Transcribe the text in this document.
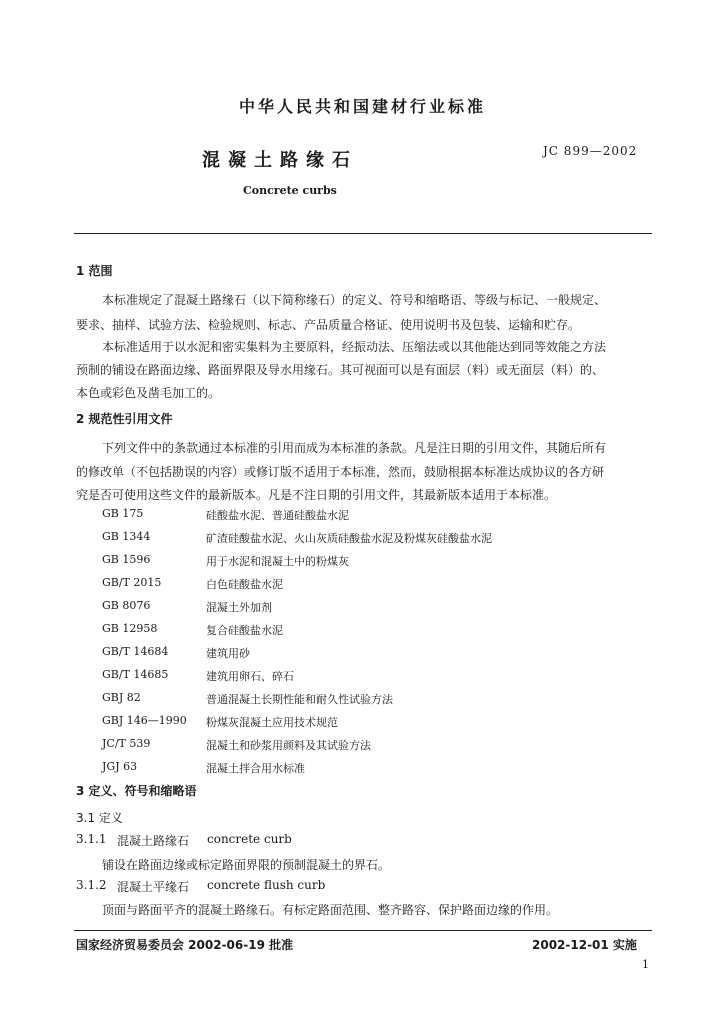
中华人民共和国建材行业标准
混凝土路缘石	JC 899—2002
Concrete curbs
1 范围
本标准规定了混凝土路缘石（以下简称缘石）的定义、符号和缩略语、等级与标记、一般规定、
要求、抽样、试验方法、检验规则、标志、产品质量合格证、使用说明书及包装、运输和贮存。
本标准适用于以水泥和密实集料为主要原料，经振动法、压缩法或以其他能达到同等效能之方法
预制的铺设在路面边缘、路面界限及导水用缘石。其可视面可以是有面层（料）或无面层（料）的、
本色或彩色及凿毛加工的。
2 规范性引用文件
下列文件中的条款通过本标准的引用而成为本标准的条款。凡是注日期的引用文件，其随后所有
的修改单（不包括勘误的内容）或修订版不适用于本标准，然而，鼓励根据本标准达成协议的各方研
究是否可使用这些文件的最新版本。凡是不注日期的引用文件，其最新版本适用于本标准。
GB 175	硅酸盐水泥、普通硅酸盐水泥
GB 1344	矿渣硅酸盐水泥、火山灰质硅酸盐水泥及粉煤灰硅酸盐水泥
GB 1596	用于水泥和混凝土中的粉煤灰
GB/T 2015	白色硅酸盐水泥
GB 8076	混凝土外加剂
GB 12958	复合硅酸盐水泥
GB/T 14684	建筑用砂
GB/T 14685	建筑用卵石、碎石
GBJ 82	普通混凝土长期性能和耐久性试验方法
GBJ 146—1990 粉煤灰混凝土应用技术规范
JC/T 539	混凝土和砂浆用颜料及其试验方法
JGJ 63	混凝土拌合用水标准
3 定义、符号和缩略语
3.1 定义
3.1.1 混凝土路缘石 concrete curb
铺设在路面边缘或标定路面界限的预制混凝土的界石。
3.1.2 混凝土平缘石 concrete flush curb
顶面与路面平齐的混凝土路缘石。有标定路面范围、整齐路容、保护路面边缘的作用。
国家经济贸易委员会 2002-06-19 批准	2002-12-01 实施
1
